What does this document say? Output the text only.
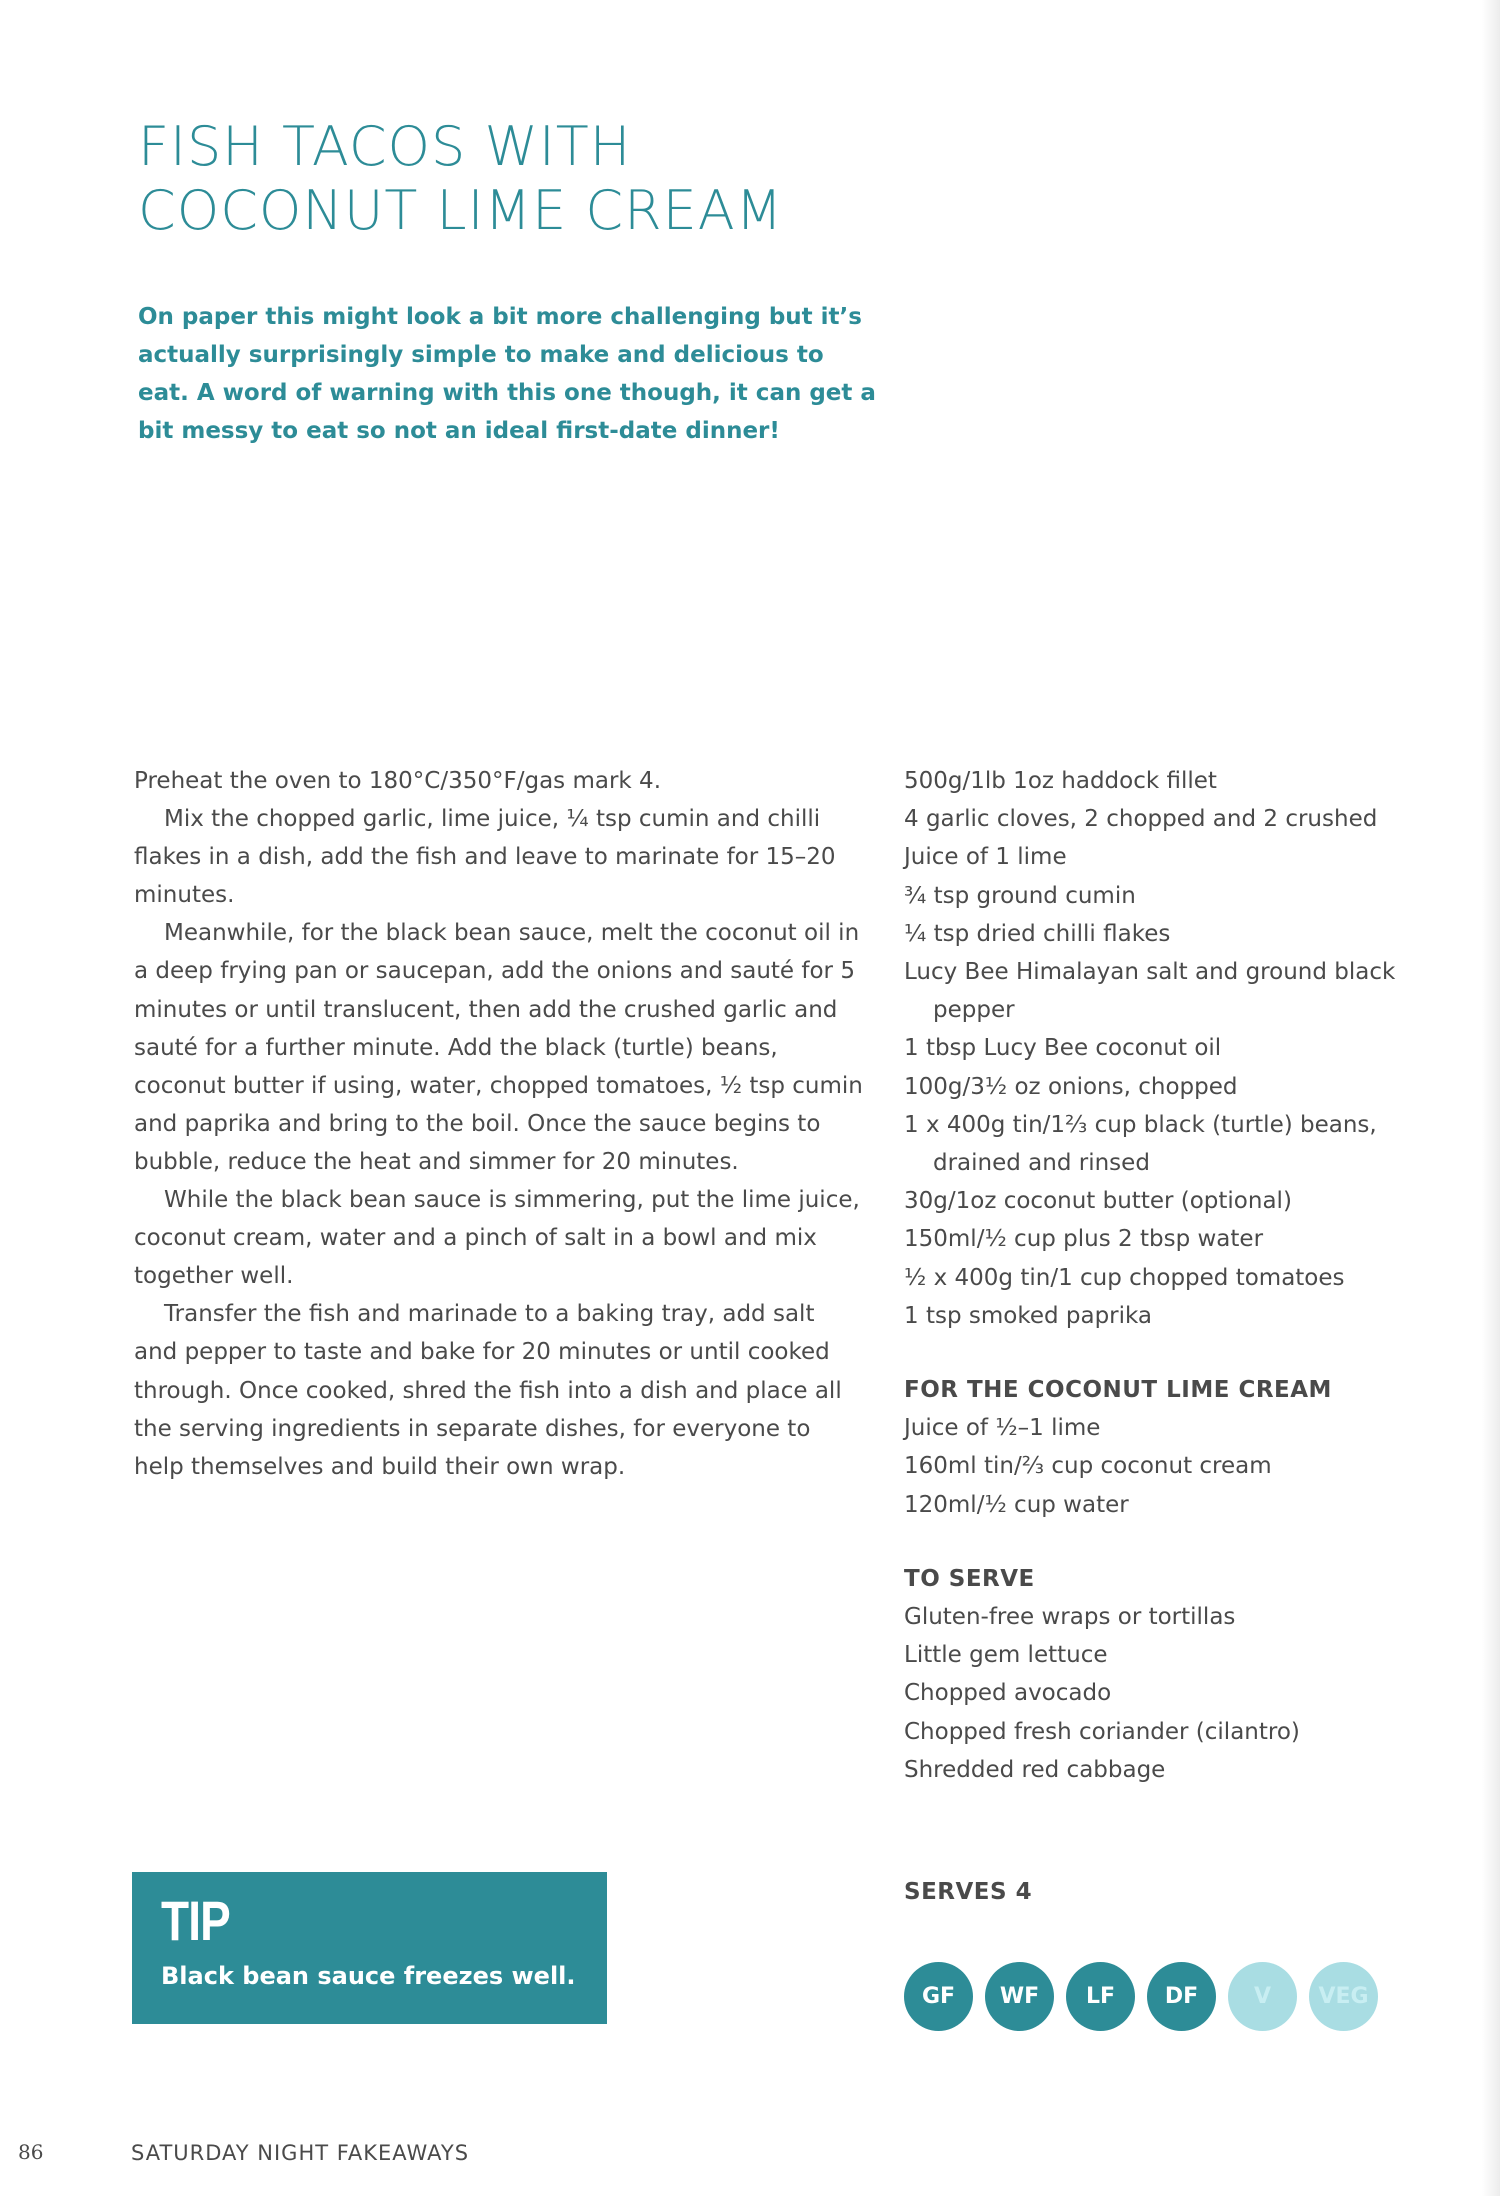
FISH TACOS WITH
COCONUT LIME CREAM

On paper this might look a bit more challenging but it’s actually surprisingly simple to make and delicious to eat. A word of warning with this one though, it can get a bit messy to eat so not an ideal first-date dinner!

Preheat the oven to 180°C/350°F/gas mark 4.

Mix the chopped garlic, lime juice, ¼ tsp cumin and chilli flakes in a dish, add the fish and leave to marinate for 15–20 minutes.

Meanwhile, for the black bean sauce, melt the coconut oil in a deep frying pan or saucepan, add the onions and sauté for 5 minutes or until translucent, then add the crushed garlic and sauté for a further minute. Add the black (turtle) beans, coconut butter if using, water, chopped tomatoes, ½ tsp cumin and paprika and bring to the boil. Once the sauce begins to bubble, reduce the heat and simmer for 20 minutes.

While the black bean sauce is simmering, put the lime juice, coconut cream, water and a pinch of salt in a bowl and mix together well.

Transfer the fish and marinade to a baking tray, add salt and pepper to taste and bake for 20 minutes or until cooked through. Once cooked, shred the fish into a dish and place all the serving ingredients in separate dishes, for everyone to help themselves and build their own wrap.

500g/1lb 1oz haddock fillet
4 garlic cloves, 2 chopped and 2 crushed
Juice of 1 lime
¾ tsp ground cumin
¼ tsp dried chilli flakes
Lucy Bee Himalayan salt and ground black pepper
1 tbsp Lucy Bee coconut oil
100g/3½ oz onions, chopped
1 x 400g tin/1⅔ cup black (turtle) beans, drained and rinsed
30g/1oz coconut butter (optional)
150ml/½ cup plus 2 tbsp water
½ x 400g tin/1 cup chopped tomatoes
1 tsp smoked paprika
FOR THE COCONUT LIME CREAM
Juice of ½–1 lime
160ml tin/⅔ cup coconut cream
120ml/½ cup water
TO SERVE
Gluten-free wraps or tortillas
Little gem lettuce
Chopped avocado
Chopped fresh coriander (cilantro)
Shredded red cabbage
SERVES 4
GF	WF	LF	DF	V	VEG
TIP
Black bean sauce freezes well.
86	SATURDAY NIGHT FAKEAWAYS
